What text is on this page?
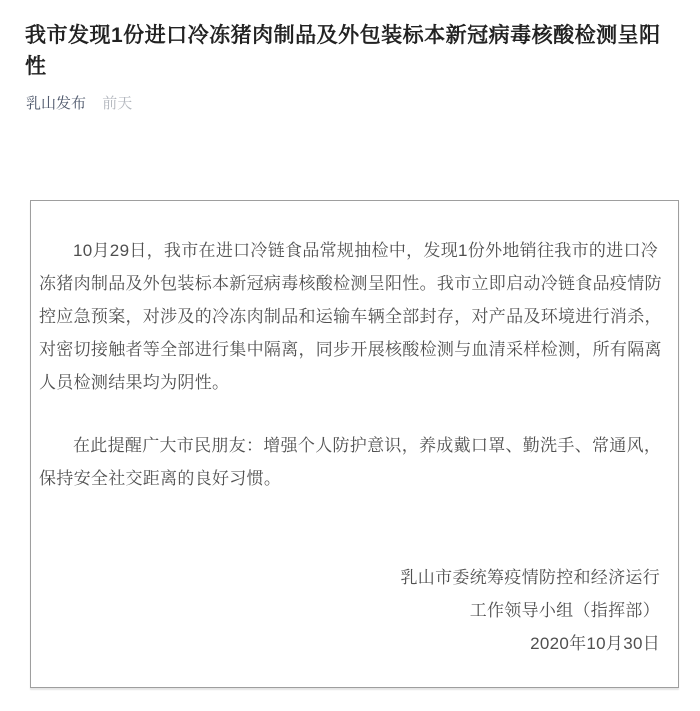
我市发现1份进口冷冻猪肉制品及外包装标本新冠病毒核酸检测呈阳性
乳山发布 前天

10月29日，我市在进口冷链食品常规抽检中，发现1份外地销往我市的进口冷冻猪肉制品及外包装标本新冠病毒核酸检测呈阳性。我市立即启动冷链食品疫情防控应急预案，对涉及的冷冻肉制品和运输车辆全部封存，对产品及环境进行消杀，对密切接触者等全部进行集中隔离，同步开展核酸检测与血清采样检测，所有隔离人员检测结果均为阴性。

在此提醒广大市民朋友：增强个人防护意识，养成戴口罩、勤洗手、常通风，保持安全社交距离的良好习惯。

乳山市委统筹疫情防控和经济运行

工作领导小组（指挥部）

2020年10月30日
